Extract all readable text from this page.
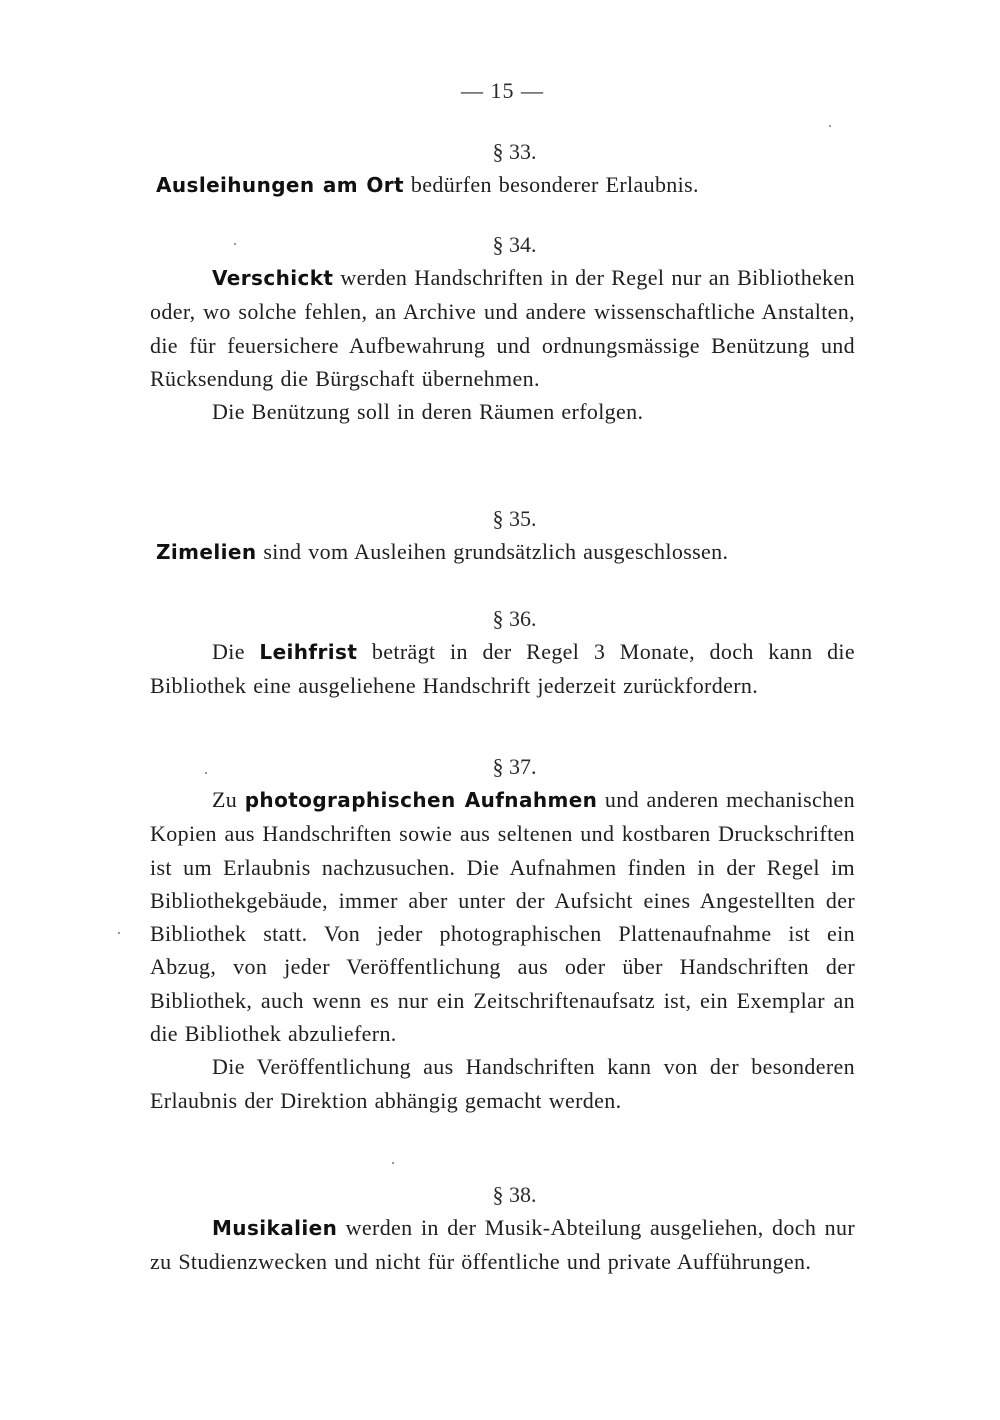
— 15 —
§ 33.

Ausleihungen am Ort bedürfen besonderer Erlaubnis.

§ 34.

Verschickt werden Handschriften in der Regel nur an Bibliotheken oder, wo solche fehlen, an Archive und andere wissenschaftliche Anstalten, die für feuersichere Aufbewahrung und ordnungsmässige Benützung und Rücksendung die Bürgschaft übernehmen.

Die Benützung soll in deren Räumen erfolgen.

§ 35.

Zimelien sind vom Ausleihen grundsätzlich ausgeschlossen.

§ 36.

Die Leihfrist beträgt in der Regel 3 Monate, doch kann die Bibliothek eine ausgeliehene Handschrift jederzeit zurückfordern.

§ 37.

Zu photographischen Aufnahmen und anderen mechanischen Kopien aus Handschriften sowie aus seltenen und kostbaren Druckschriften ist um Erlaubnis nachzusuchen. Die Aufnahmen finden in der Regel im Bibliothekgebäude, immer aber unter der Aufsicht eines Angestellten der Bibliothek statt. Von jeder photographischen Plattenaufnahme ist ein Abzug, von jeder Veröffentlichung aus oder über Handschriften der Bibliothek, auch wenn es nur ein Zeitschriftenaufsatz ist, ein Exemplar an die Bibliothek abzuliefern.

Die Veröffentlichung aus Handschriften kann von der besonderen Erlaubnis der Direktion abhängig gemacht werden.

§ 38.

Musikalien werden in der Musik-Abteilung ausgeliehen, doch nur zu Studienzwecken und nicht für öffentliche und private Aufführungen.
